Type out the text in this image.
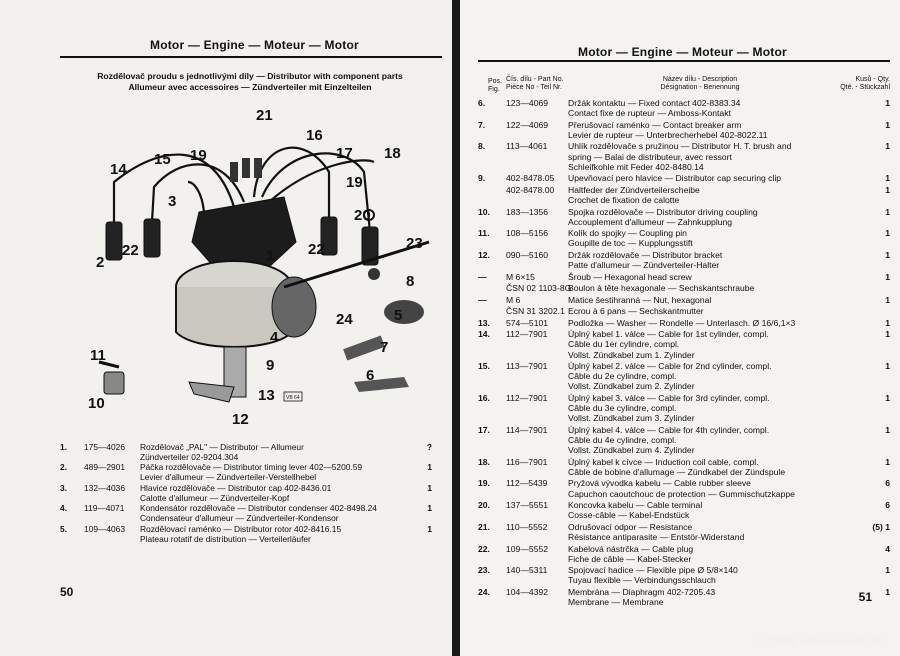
Motor — Engine — Moteur — Motor
Rozdělovač proudu s jednotlivými díly — Distributor with component parts
Allumeur avec accessoires — Zündverteiler mit Einzelteilen
21
16
14
15 19	17 18
3
19
20
22	22	23
1
2
8
5
24
4
7
11
9
6
10	13
12
VB 64
1.	175—4026	Rozdělovač „PAL" — Distributor — Allumeur
Zündverteiler 02-9204.304
?
2.	489—2901	Páčka rozdělovače — Distributor timing lever 402—5200.59
Levier d'allumeur — Zündverteiler-Verstellhebel
1
3.	132—4036	Hlavice rozdělovače — Distributor cap 402-8436.01
Calotte d'allumeur — Zündverteiler-Kopf
1
4.	119—4071	Kondensátor rozdělovače — Distributor condenser 402-8498.24
Condensateur d'allumeur — Zündverteiler-Kondensor
1
5.	109—4063	Rozdělovací raménko — Distributor rotor 402-8416.15
Plateau rotatif de distribution — Verteilerläufer
1
50
Motor — Engine — Moteur — Motor
Pos.
Fig.
Čís. dílu - Part No.
Pièce No - Teil Nr.
Název dílu - Description
Désignation - Benennung
Kusů - Qty.
Qté. - Stückzahl
6.	123—4069	Držák kontaktu — Fixed contact 402-8383.34
Contact fixe de rupteur — Amboss-Kontakt
1
7.	122—4069	Přerušovací raménko — Contact breaker arm
Levier de rupteur — Unterbrecherhebel 402-8022.11
1
8.	113—4061	Uhlík rozdělovače s pružinou — Distributor H. T. brush and
spring — Balai de distributeur, avec ressort
Schleifkohle mit Feder 402-8480.14
1
9.	402-8478.05	Upevňovací pero hlavice — Distributor cap securing clip	1
402-8478.00	Haltfeder der Zündverteilerscheibe
Crochet de fixation de calotte
1
10.	183—1356	Spojka rozdělovače — Distributor driving coupling
Accouplement d'allumeur — Zahnkupplung
1
11.	108—5156	Kolík do spojky — Coupling pin
Goupille de toc — Kupplungsstift
1
12.	090—5160	Držák rozdělovače — Distributor bracket
Patte d'allumeur — Zündverteiler-Halter
1
—	M 6×15	Šroub — Hexagonal head screw	1
ČSN 02 1103-8G
Boulon à tête hexagonale — Sechskantschraube
—	M 6	Matice šestihranná — Nut, hexagonal	1
ČSN 31 3202.1 Ecrou à 6 pans — Sechskantmutter
13.	574—5101	Podložka — Washer — Rondelle — Unterlasch. Ø 16/6,1×3	1
14.	112—7901	Úplný kabel 1. válce — Cable for 1st cylinder, compl.
Câble du 1er cylindre, compl.
Vollst. Zündkabel zum 1. Zylinder
1
15.	113—7901	Úplný kabel 2. válce — Cable for 2nd cylinder, compl.
Câble du 2e cylindre, compl.
Vollst. Zündkabel zum 2. Zylinder
1
16.	112—7901	Úplný kabel 3. válce — Cable for 3rd cylinder, compl.
Câble du 3e cylindre, compl.
Vollst. Zündkabel zum 3. Zylinder
1
17.	114—7901	Úplný kabel 4. válce — Cable for 4th cylinder, compl.
Câble du 4e cylindre, compl.
Vollst. Zündkabel zum 4. Zylinder
1
18.	116—7901	Úplný kabel k cívce — Induction coil cable, compl.
Câble de bobine d'allumage — Zündkabel der Zündspule
1
19.	112—5439	Pryžová vývodka kabelu — Cable rubber sleeve
Capuchon caoutchouc de protection — Gummischutzkappe
6
20.	137—5551	Koncovka kabelu — Cable terminal
Cosse-câble — Kabel-Endstück
6
21.	110—5552	Odrušovací odpor — Resistance
Résistance antiparasite — Entstör-Widerstand
(5) 1
22.	109—5552	Kabelová nástrčka — Cable plug
Fiche de câble — Kabel-Stecker
4
23.	140—5311	Spojovací hadice — Flexible pipe Ø 5/8×140
Tuyau flexible — Verbindungsschlauch
1
24.	104—4392	Membrána — Diaphragm 402-7205.43
Membrane — Membrane
1
51
© 2008 Feliciacentrum
